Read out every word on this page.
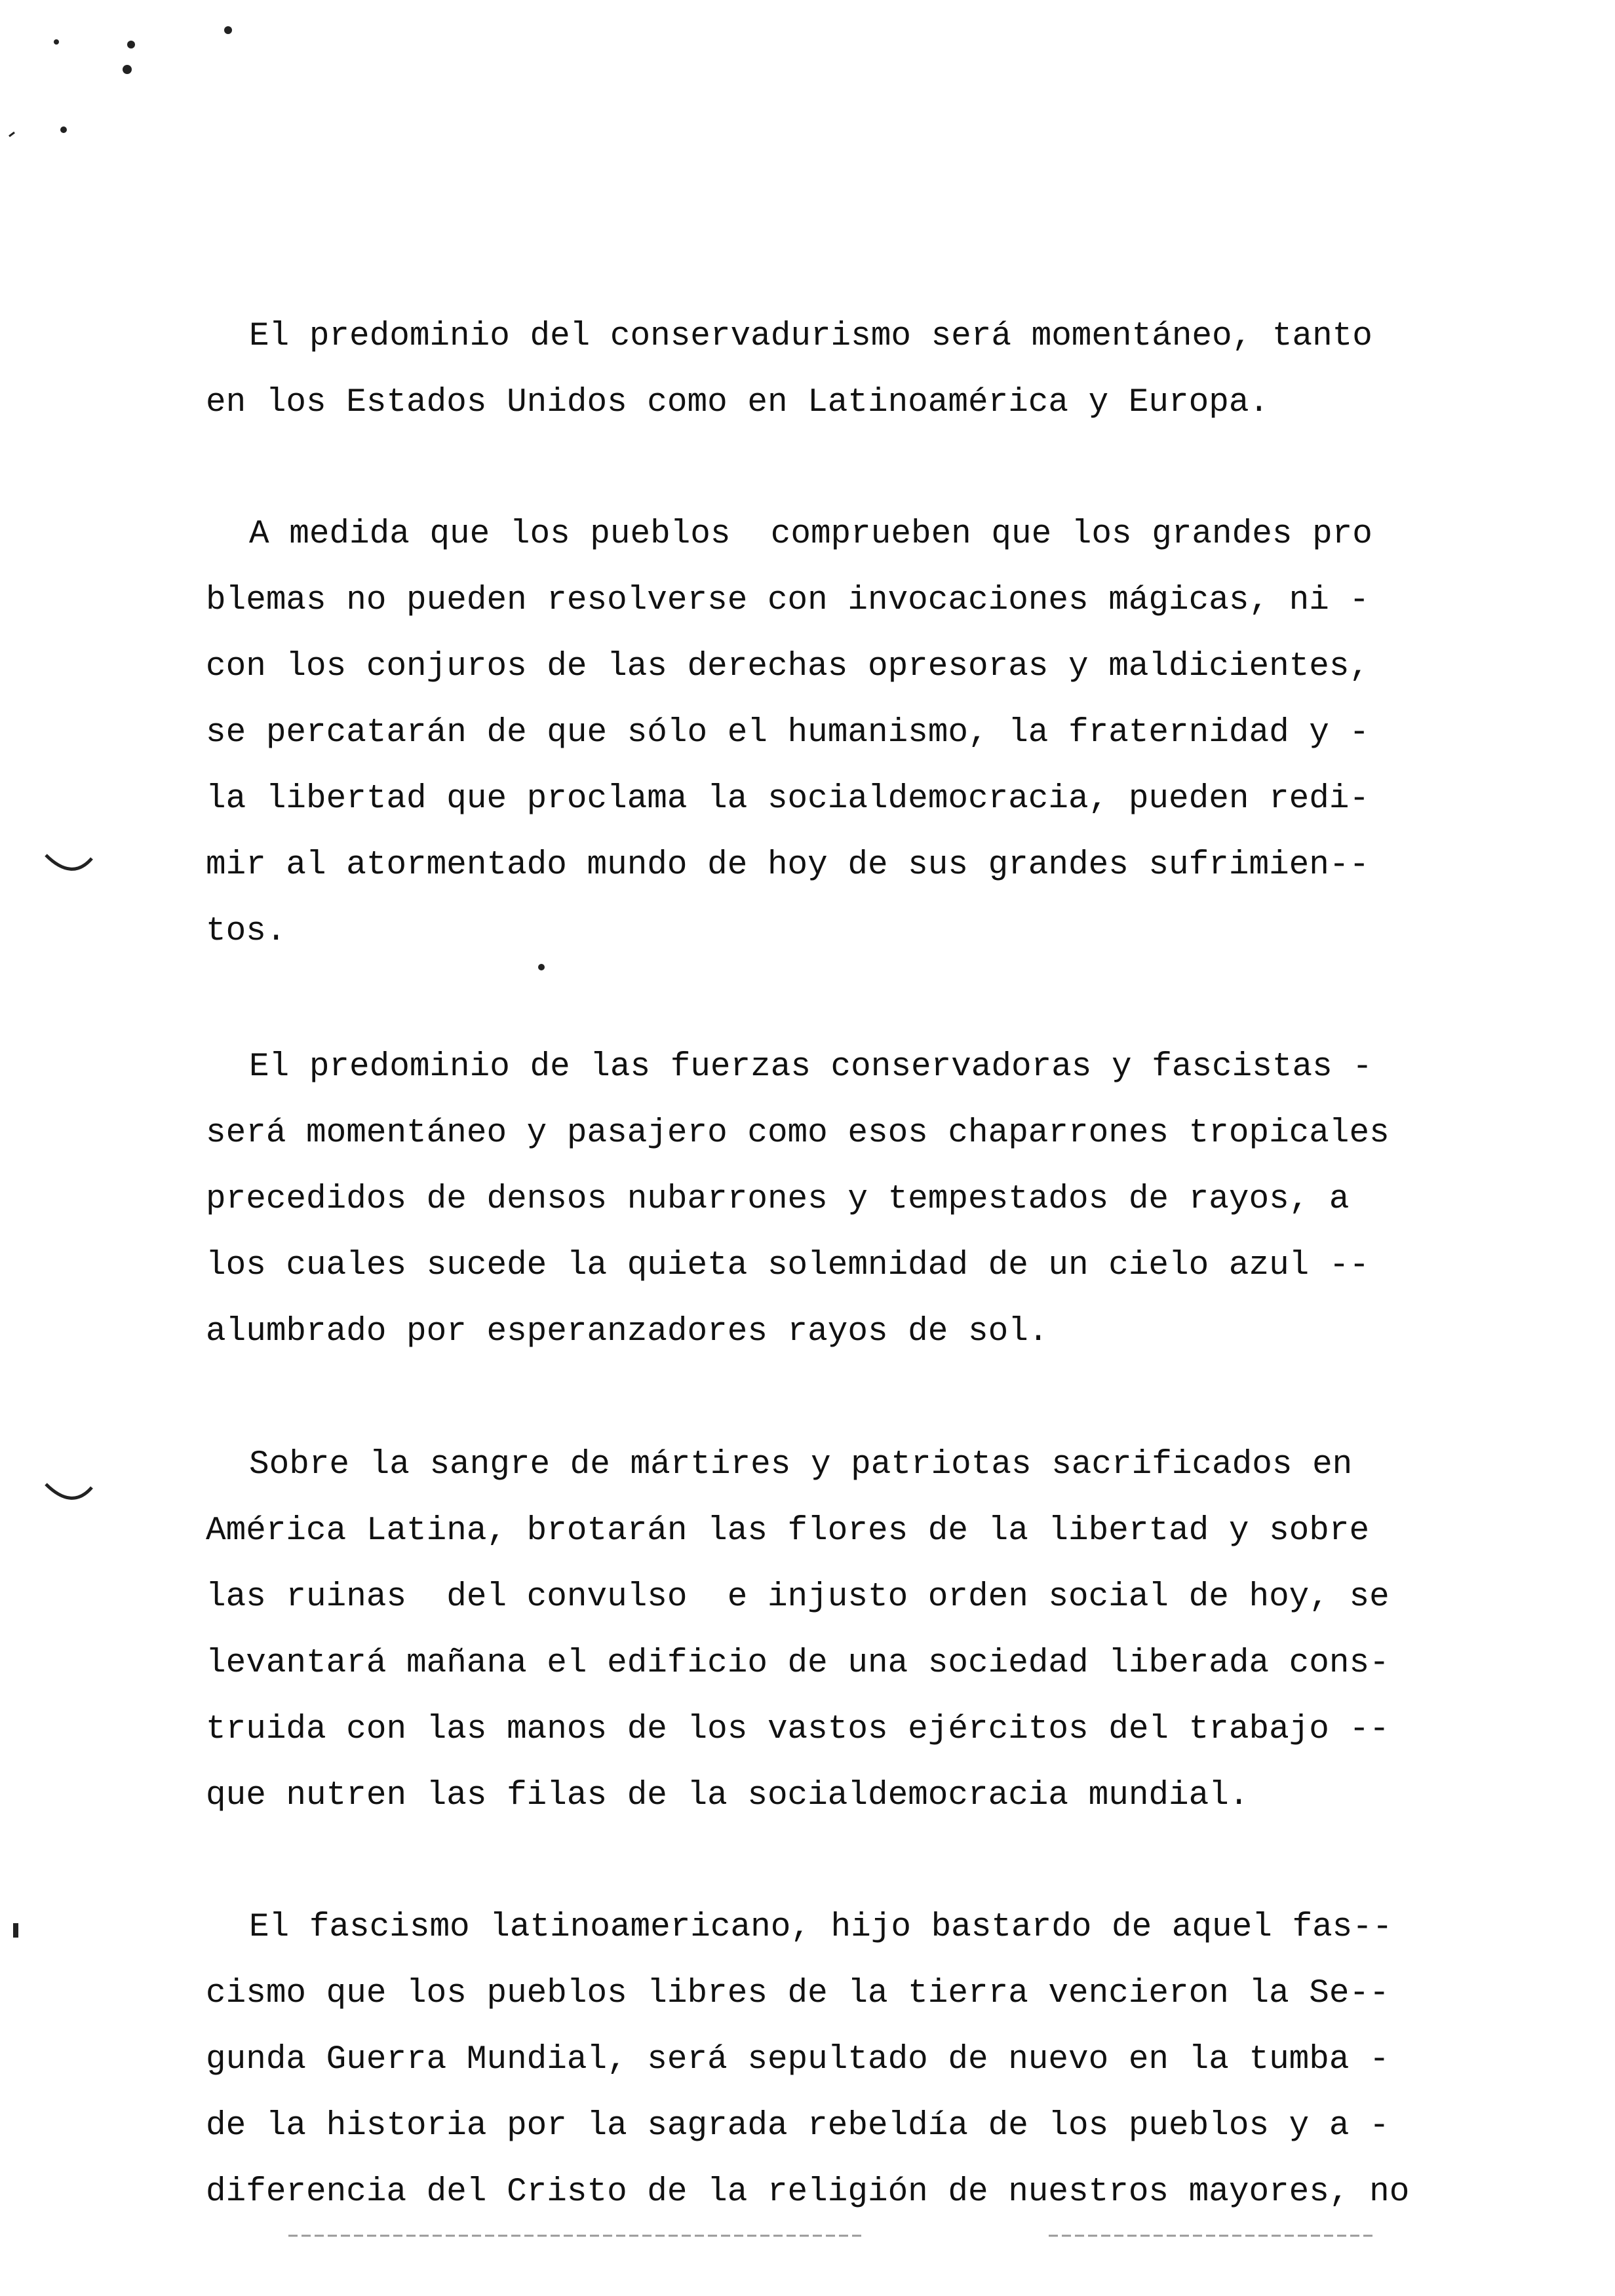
El predominio del conservadurismo será momentáneo, tanto
en los Estados Unidos como en Latinoamérica y Europa.
A medida que los pueblos  comprueben que los grandes pro
blemas no pueden resolverse con invocaciones mágicas, ni -
con los conjuros de las derechas opresoras y maldicientes,
se percatarán de que sólo el humanismo, la fraternidad y -
la libertad que proclama la socialdemocracia, pueden redi-
mir al atormentado mundo de hoy de sus grandes sufrimien--
tos.
El predominio de las fuerzas conservadoras y fascistas -
será momentáneo y pasajero como esos chaparrones tropicales
precedidos de densos nubarrones y tempestados de rayos, a
los cuales sucede la quieta solemnidad de un cielo azul --
alumbrado por esperanzadores rayos de sol.
Sobre la sangre de mártires y patriotas sacrificados en
América Latina, brotarán las flores de la libertad y sobre
las ruinas  del convulso  e injusto orden social de hoy, se
levantará mañana el edificio de una sociedad liberada cons-
truida con las manos de los vastos ejércitos del trabajo --
que nutren las filas de la socialdemocracia mundial.
El fascismo latinoamericano, hijo bastardo de aquel fas--
cismo que los pueblos libres de la tierra vencieron la Se--
gunda Guerra Mundial, será sepultado de nuevo en la tumba -
de la historia por la sagrada rebeldía de los pueblos y a -
diferencia del Cristo de la religión de nuestros mayores, no
